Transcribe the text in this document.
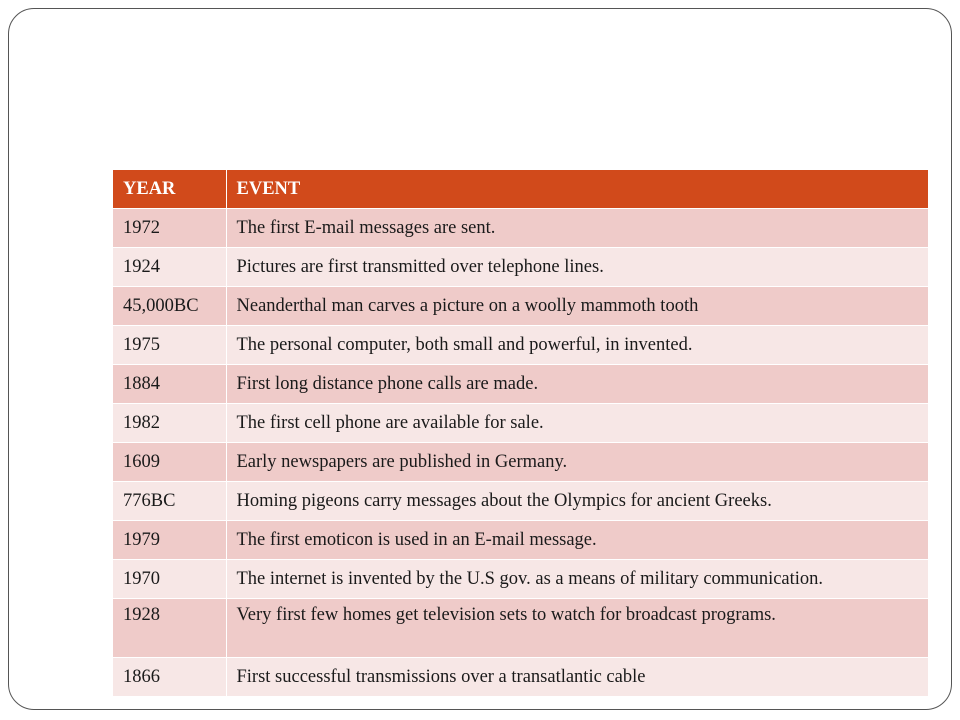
YEAR	EVENT
1972	The first E-mail messages are sent.
1924	Pictures are first transmitted over telephone lines.
45,000BC	Neanderthal man carves a picture on a woolly mammoth tooth
1975	The personal computer, both small and powerful, in invented.
1884	First long distance phone calls are made.
1982	The first cell phone are available for sale.
1609	Early newspapers are published in Germany.
776BC	Homing pigeons carry messages about the Olympics for ancient Greeks.
1979	The first emoticon is used in an E-mail message.
1970	The internet is invented by the U.S gov. as a means of military communication.
1928	Very first few homes get television sets to watch for broadcast programs.
1866	First successful transmissions over a transatlantic cable
